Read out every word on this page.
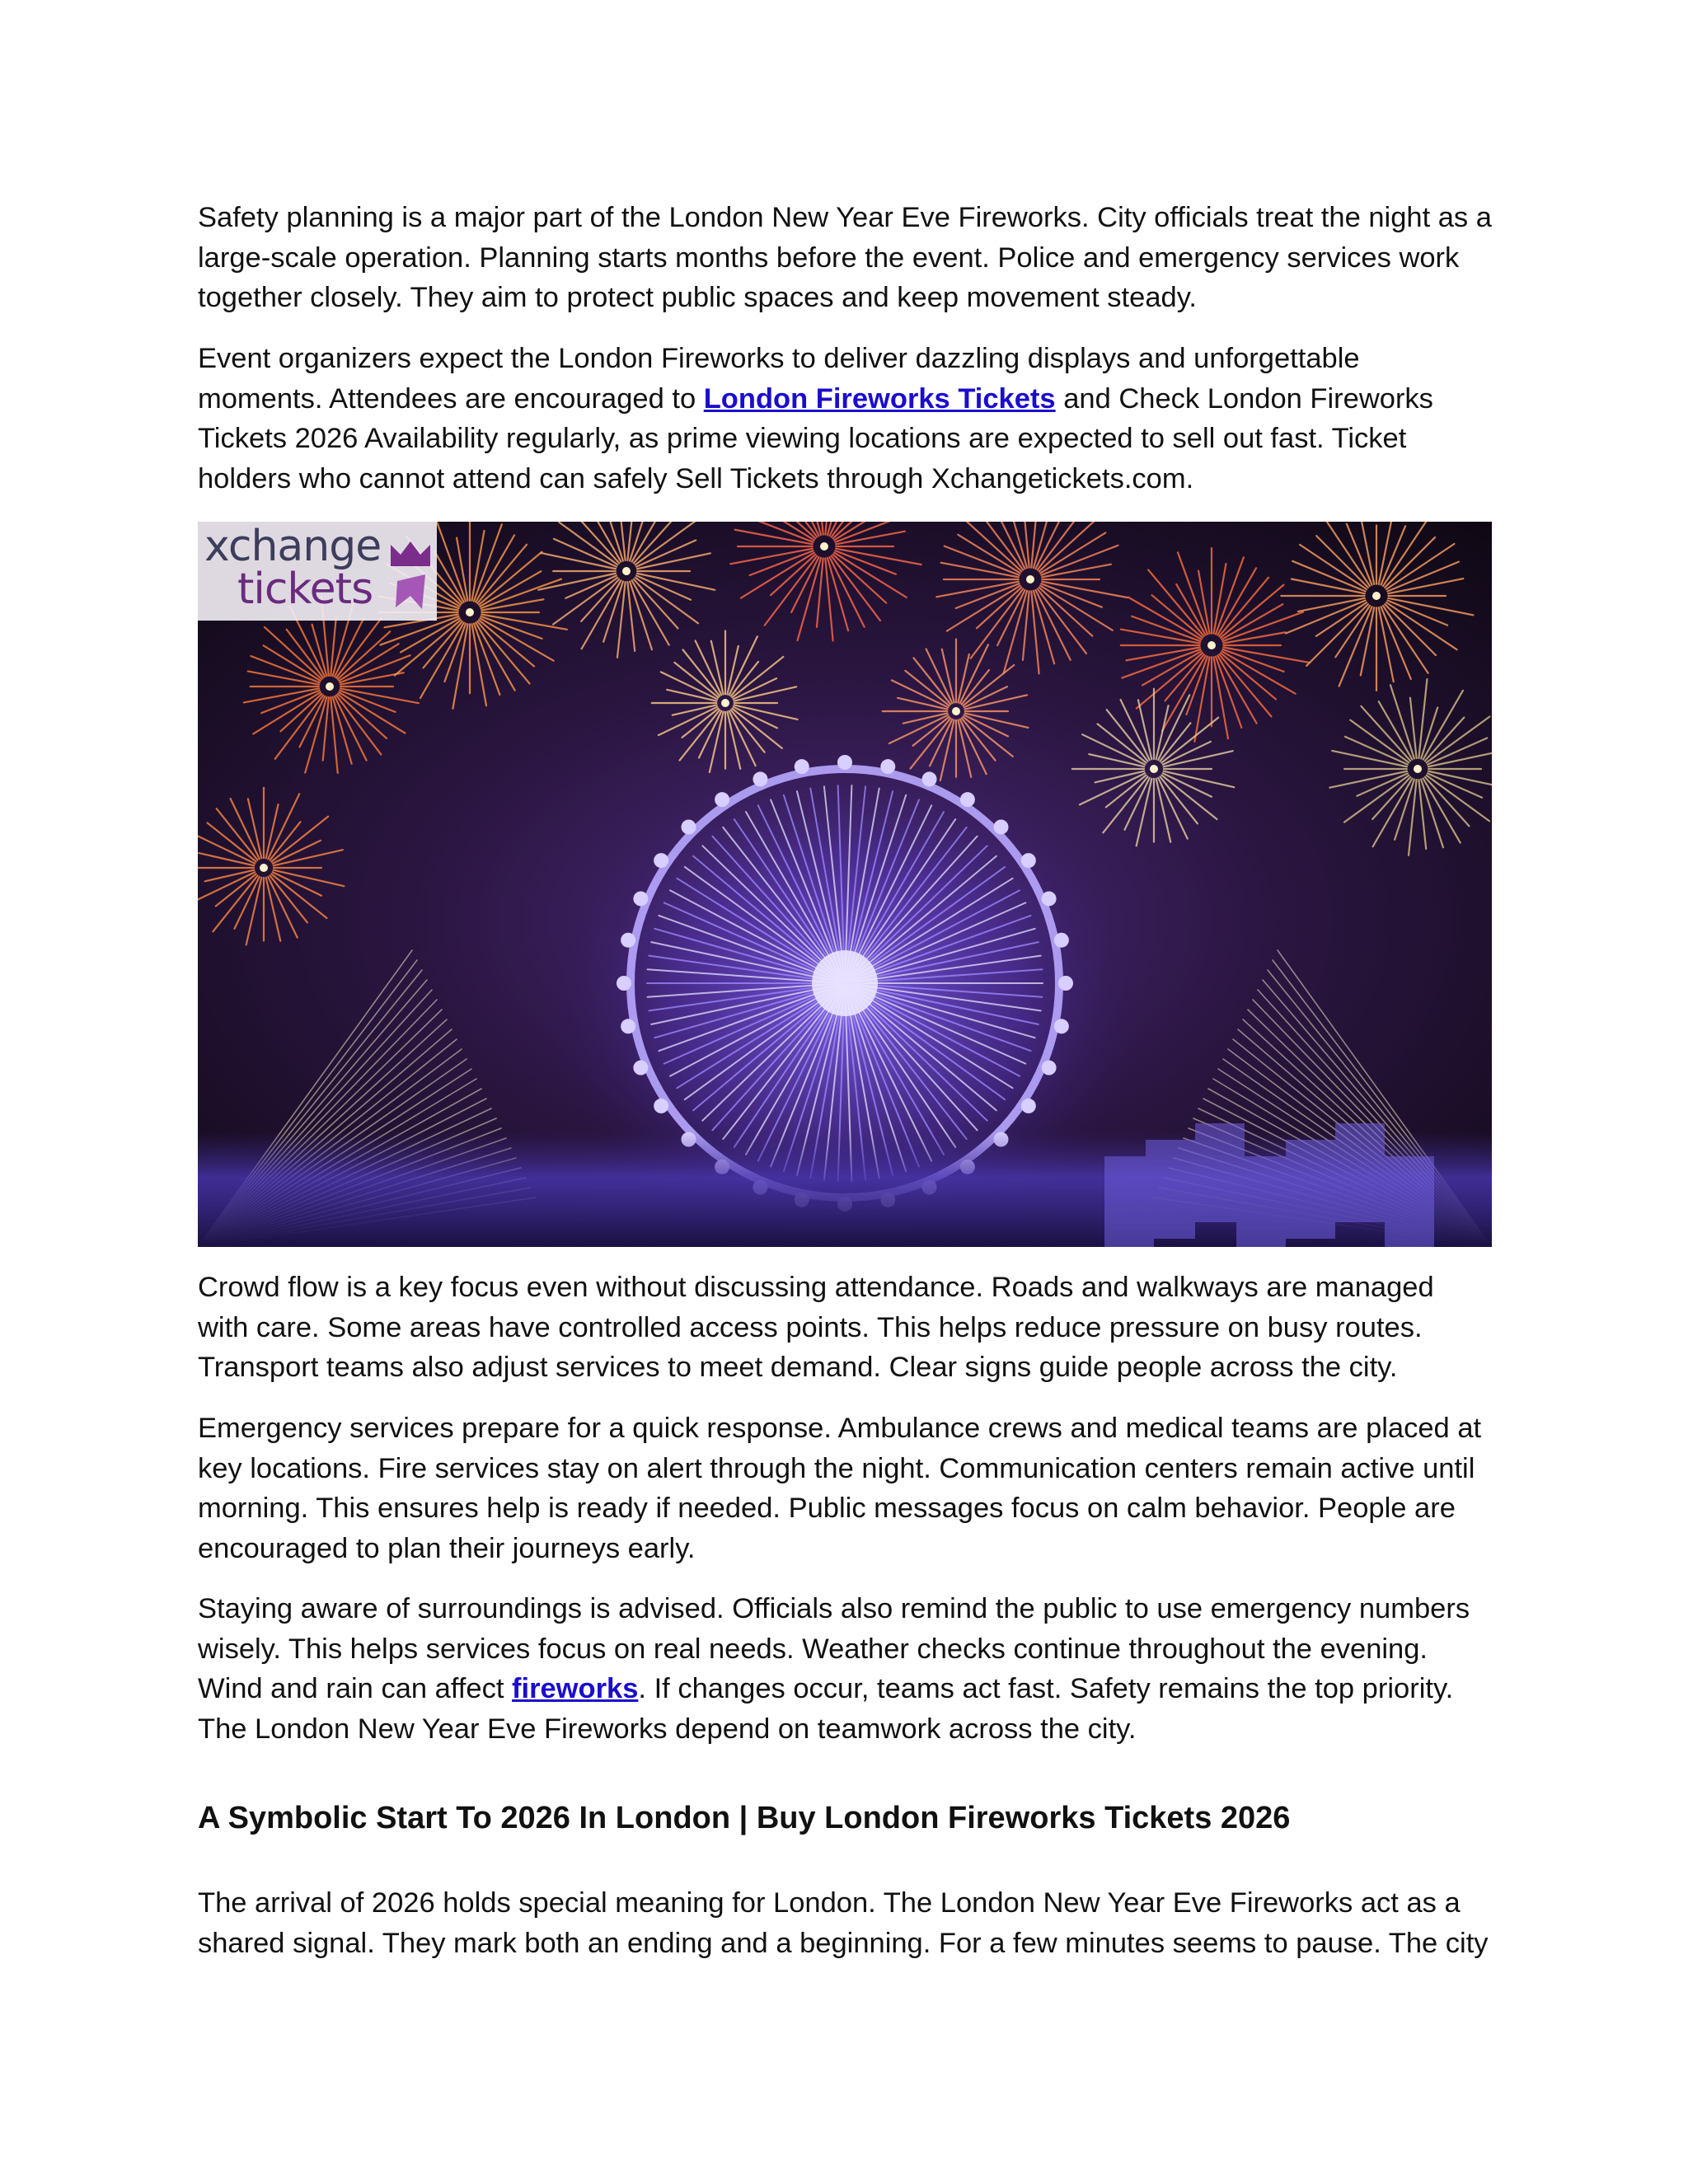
Safety planning is a major part of the London New Year Eve Fireworks. City officials treat the night as a large-scale operation. Planning starts months before the event. Police and emergency services work together closely. They aim to protect public spaces and keep movement steady.

Event organizers expect the London Fireworks to deliver dazzling displays and unforgettable moments. Attendees are encouraged to London Fireworks Tickets and Check London Fireworks Tickets 2026 Availability regularly, as prime viewing locations are expected to sell out fast. Ticket holders who cannot attend can safely Sell Tickets through Xchangetickets.com.

xchange
tickets

Crowd flow is a key focus even without discussing attendance. Roads and walkways are managed with care. Some areas have controlled access points. This helps reduce pressure on busy routes. Transport teams also adjust services to meet demand. Clear signs guide people across the city.

Emergency services prepare for a quick response. Ambulance crews and medical teams are placed at key locations. Fire services stay on alert through the night. Communication centers remain active until morning. This ensures help is ready if needed. Public messages focus on calm behavior. People are encouraged to plan their journeys early.

Staying aware of surroundings is advised. Officials also remind the public to use emergency numbers wisely. This helps services focus on real needs. Weather checks continue throughout the evening. Wind and rain can affect fireworks. If changes occur, teams act fast. Safety remains the top priority. The London New Year Eve Fireworks depend on teamwork across the city.

A Symbolic Start To 2026 In London | Buy London Fireworks Tickets 2026

The arrival of 2026 holds special meaning for London. The London New Year Eve Fireworks act as a shared signal. They mark both an ending and a beginning. For a few minutes seems to pause. The city
